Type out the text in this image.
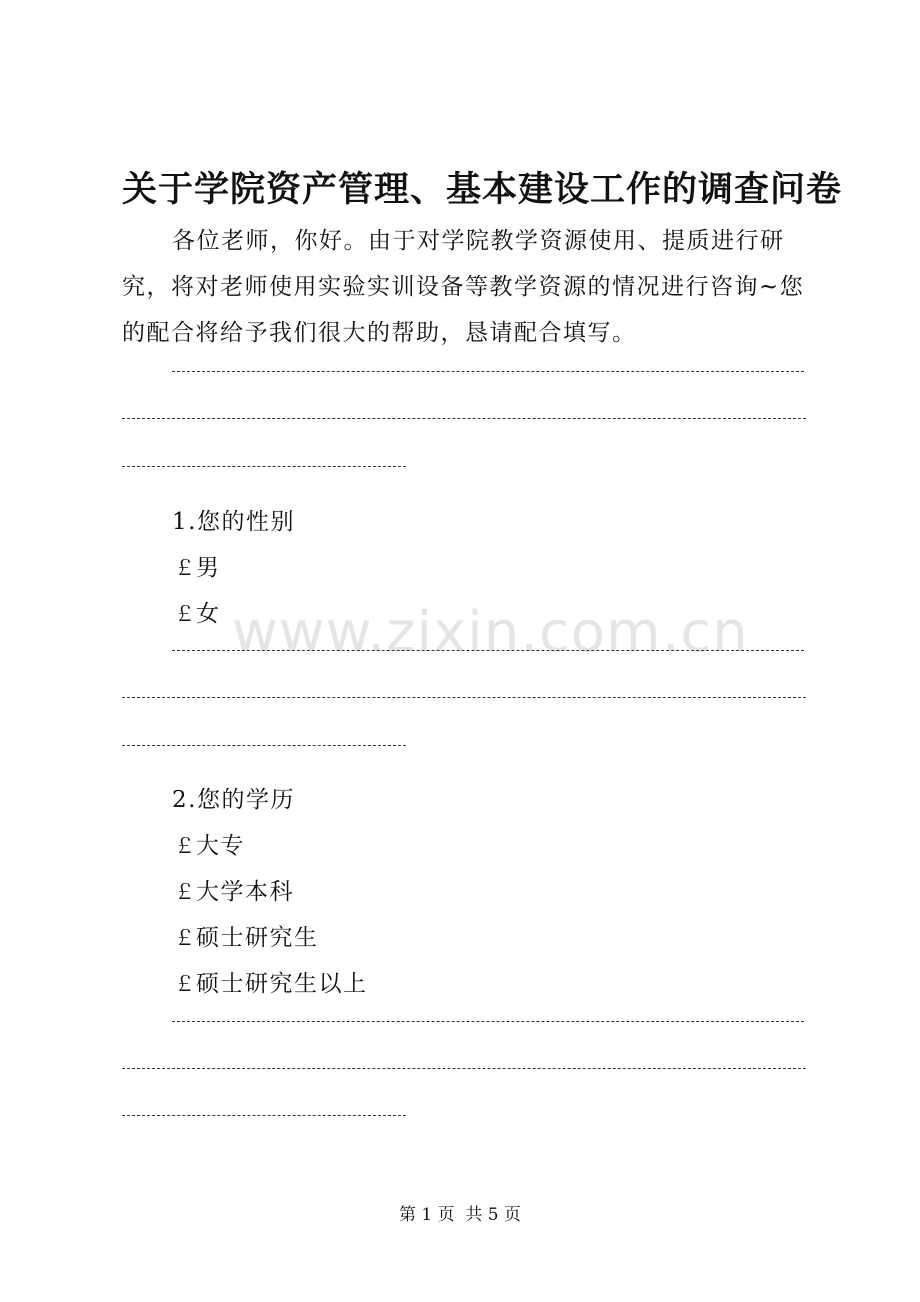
关于学院资产管理、基本建设工作的调查问卷

各位老师，你好。由于对学院教学资源使用、提质进行研究，将对老师使用实验实训设备等教学资源的情况进行咨询~您的配合将给予我们很大的帮助，恳请配合填写。

1.您的性别
￡男
￡女 www.zixin.com.cn
2.您的学历
￡大专
￡大学本科
￡硕士研究生
￡硕士研究生以上
第 1 页  共 5 页
